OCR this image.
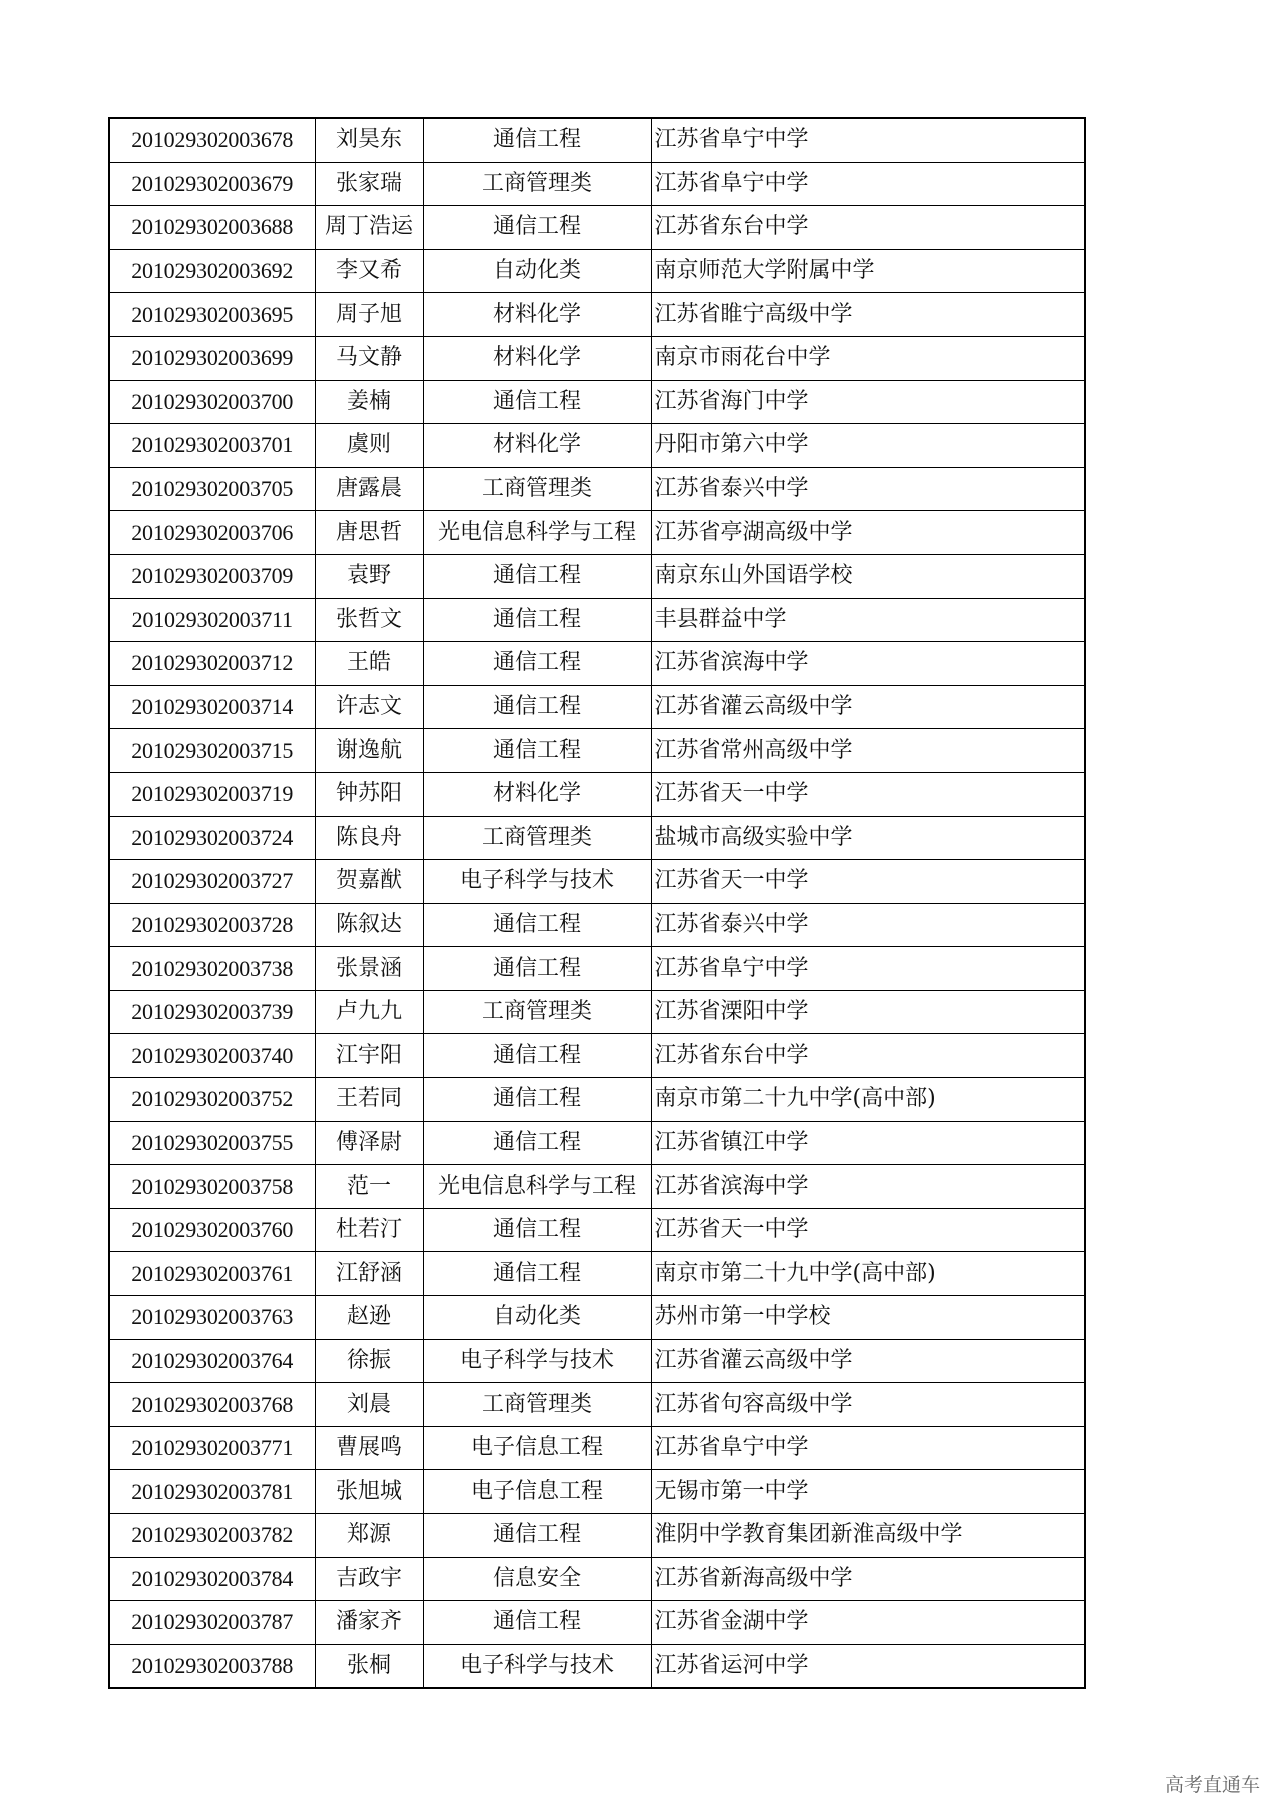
201029302003678	刘昊东	通信工程	江苏省阜宁中学
201029302003679	张家瑞	工商管理类	江苏省阜宁中学
201029302003688	周丁浩运	通信工程	江苏省东台中学
201029302003692	李又希	自动化类	南京师范大学附属中学
201029302003695	周子旭	材料化学	江苏省睢宁高级中学
201029302003699	马文静	材料化学	南京市雨花台中学
201029302003700	姜楠	通信工程	江苏省海门中学
201029302003701	虞则	材料化学	丹阳市第六中学
201029302003705	唐露晨	工商管理类	江苏省泰兴中学
201029302003706	唐思哲	光电信息科学与工程	江苏省亭湖高级中学
201029302003709	袁野	通信工程	南京东山外国语学校
201029302003711	张哲文	通信工程	丰县群益中学
201029302003712	王皓	通信工程	江苏省滨海中学
201029302003714	许志文	通信工程	江苏省灌云高级中学
201029302003715	谢逸航	通信工程	江苏省常州高级中学
201029302003719	钟苏阳	材料化学	江苏省天一中学
201029302003724	陈良舟	工商管理类	盐城市高级实验中学
201029302003727	贺嘉猷	电子科学与技术	江苏省天一中学
201029302003728	陈叙达	通信工程	江苏省泰兴中学
201029302003738	张景涵	通信工程	江苏省阜宁中学
201029302003739	卢九九	工商管理类	江苏省溧阳中学
201029302003740	江宇阳	通信工程	江苏省东台中学
201029302003752	王若同	通信工程	南京市第二十九中学(高中部)
201029302003755	傅泽尉	通信工程	江苏省镇江中学
201029302003758	范一	光电信息科学与工程	江苏省滨海中学
201029302003760	杜若汀	通信工程	江苏省天一中学
201029302003761	江舒涵	通信工程	南京市第二十九中学(高中部)
201029302003763	赵逊	自动化类	苏州市第一中学校
201029302003764	徐振	电子科学与技术	江苏省灌云高级中学
201029302003768	刘晨	工商管理类	江苏省句容高级中学
201029302003771	曹展鸣	电子信息工程	江苏省阜宁中学
201029302003781	张旭城	电子信息工程	无锡市第一中学
201029302003782	郑源	通信工程	淮阴中学教育集团新淮高级中学
201029302003784	吉政宇	信息安全	江苏省新海高级中学
201029302003787	潘家齐	通信工程	江苏省金湖中学
201029302003788	张桐	电子科学与技术	江苏省运河中学
高考直通车
